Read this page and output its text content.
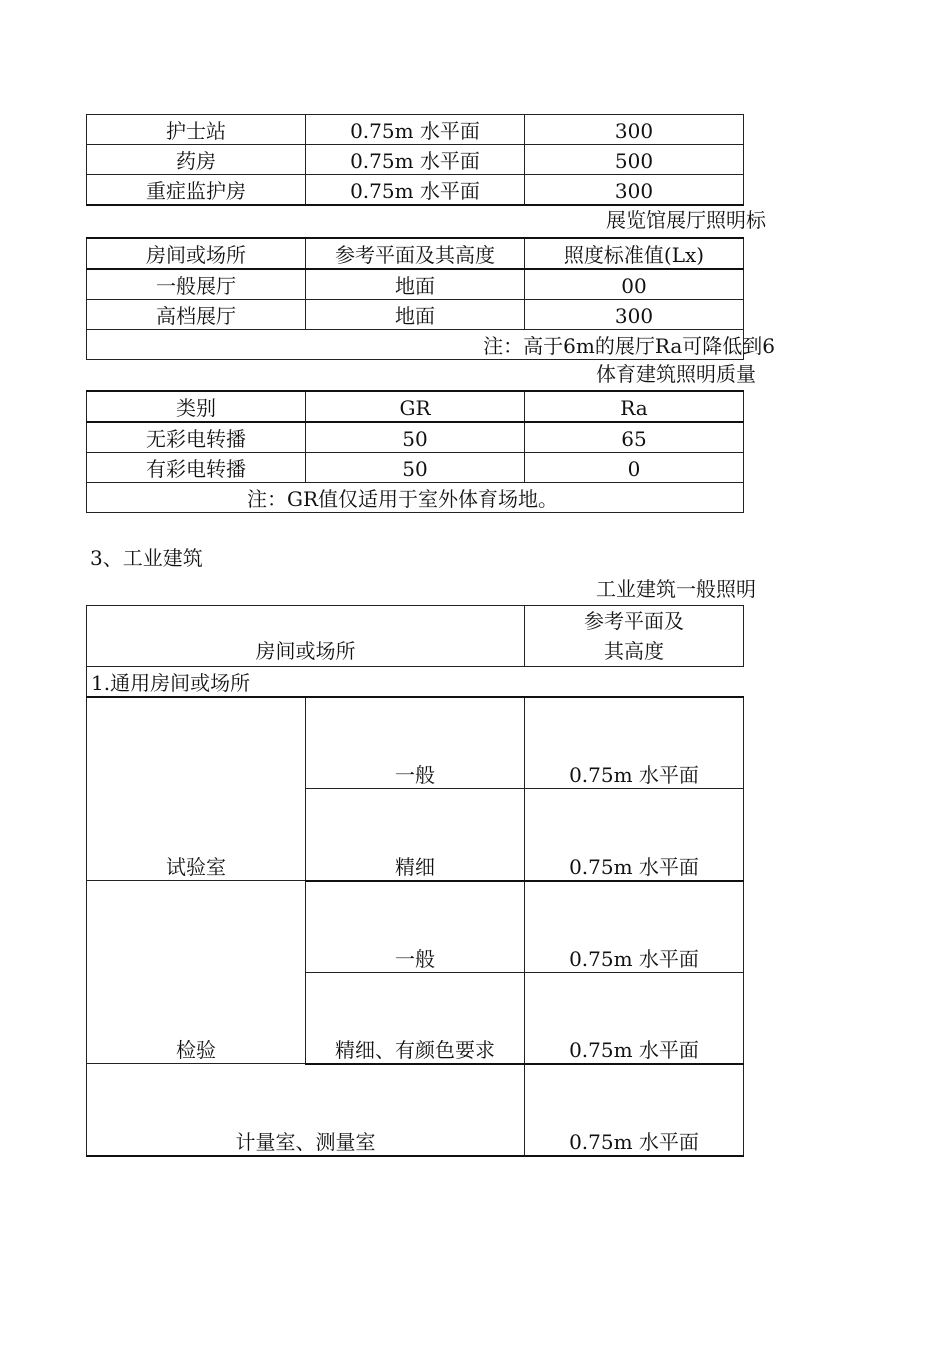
护士站	0.75m 水平面	300
药房	0.75m 水平面	500
重症监护房	0.75m 水平面	300
展览馆展厅照明标
房间或场所	参考平面及其高度	照度标准值(Lx)
一般展厅	地面	00
高档展厅	地面	300
注：高于6m的展厅Ra可降低到6		
体育建筑照明质量
类别	GR	Ra
无彩电转播	50	65
有彩电转播	50	0
注：GR值仅适用于室外体育场地。		
3、工业建筑
工业建筑一般照明
房间或场所		参考平面及
其高度

1.通用房间或场所		
试验室	一般	0.75m 水平面
	精细	0.75m 水平面
检验	一般	0.75m 水平面
	精细、有颜色要求	0.75m 水平面
计量室、测量室		0.75m 水平面
